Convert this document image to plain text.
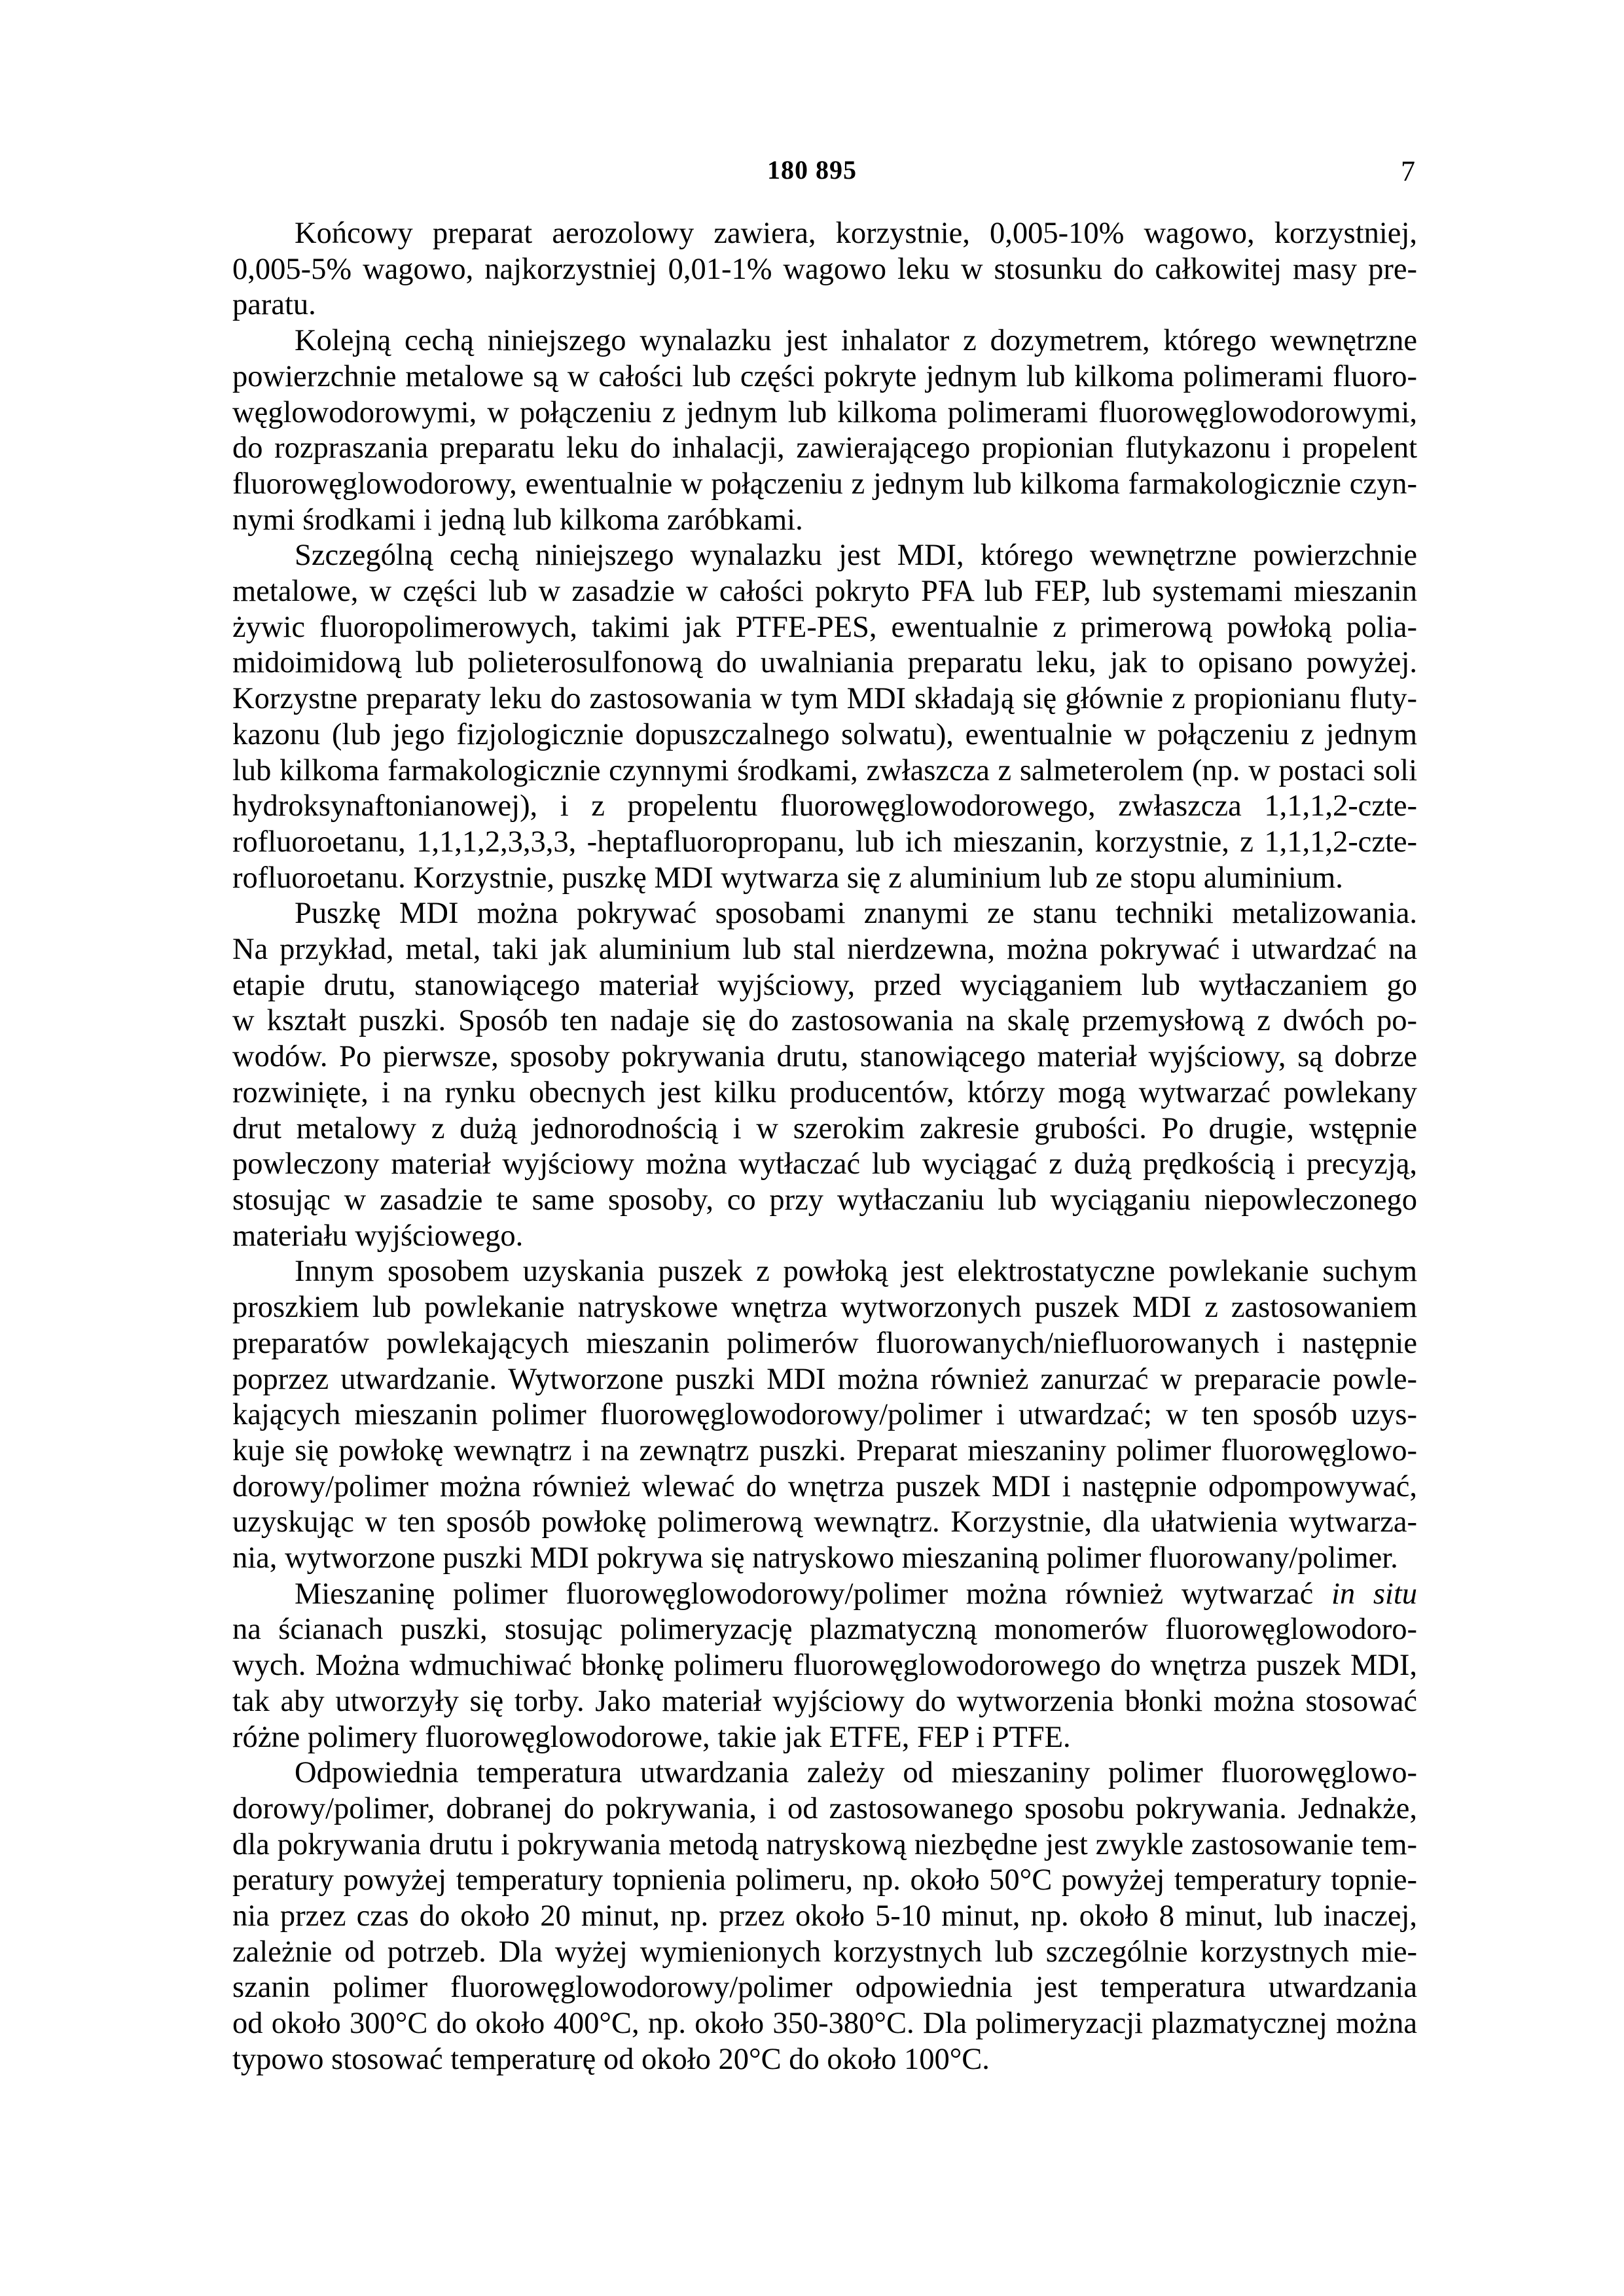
180 895	7

Końcowy preparat aerozolowy zawiera, korzystnie, 0,005-10% wagowo, korzystniej,
0,005-5% wagowo, najkorzystniej 0,01-1% wagowo leku w stosunku do całkowitej masy pre-
paratu.

Kolejną cechą niniejszego wynalazku jest inhalator z dozymetrem, którego wewnętrzne
powierzchnie metalowe są w całości lub części pokryte jednym lub kilkoma polimerami fluoro-
węglowodorowymi, w połączeniu z jednym lub kilkoma polimerami fluorowęglowodorowymi,
do rozpraszania preparatu leku do inhalacji, zawierającego propionian flutykazonu i propelent
fluorowęglowodorowy, ewentualnie w połączeniu z jednym lub kilkoma farmakologicznie czyn-
nymi środkami i jedną lub kilkoma zaróbkami.

Szczególną cechą niniejszego wynalazku jest MDI, którego wewnętrzne powierzchnie
metalowe, w części lub w zasadzie w całości pokryto PFA lub FEP, lub systemami mieszanin
żywic fluoropolimerowych, takimi jak PTFE-PES, ewentualnie z primerową powłoką polia-
midoimidową lub polieterosulfonową do uwalniania preparatu leku, jak to opisano powyżej.
Korzystne preparaty leku do zastosowania w tym MDI składają się głównie z propionianu fluty-
kazonu (lub jego fizjologicznie dopuszczalnego solwatu), ewentualnie w połączeniu z jednym
lub kilkoma farmakologicznie czynnymi środkami, zwłaszcza z salmeterolem (np. w postaci soli
hydroksynaftonianowej), i z propelentu fluorowęglowodorowego, zwłaszcza 1,1,1,2-czte-
rofluoroetanu, 1,1,1,2,3,3,3, -heptafluoropropanu, lub ich mieszanin, korzystnie, z 1,1,1,2-czte-
rofluoroetanu. Korzystnie, puszkę MDI wytwarza się z aluminium lub ze stopu aluminium.

Puszkę MDI można pokrywać sposobami znanymi ze stanu techniki metalizowania.
Na przykład, metal, taki jak aluminium lub stal nierdzewna, można pokrywać i utwardzać na
etapie drutu, stanowiącego materiał wyjściowy, przed wyciąganiem lub wytłaczaniem go
w kształt puszki. Sposób ten nadaje się do zastosowania na skalę przemysłową z dwóch po-
wodów. Po pierwsze, sposoby pokrywania drutu, stanowiącego materiał wyjściowy, są dobrze
rozwinięte, i na rynku obecnych jest kilku producentów, którzy mogą wytwarzać powlekany
drut metalowy z dużą jednorodnością i w szerokim zakresie grubości. Po drugie, wstępnie
powleczony materiał wyjściowy można wytłaczać lub wyciągać z dużą prędkością i precyzją,
stosując w zasadzie te same sposoby, co przy wytłaczaniu lub wyciąganiu niepowleczonego
materiału wyjściowego.

Innym sposobem uzyskania puszek z powłoką jest elektrostatyczne powlekanie suchym
proszkiem lub powlekanie natryskowe wnętrza wytworzonych puszek MDI z zastosowaniem
preparatów powlekających mieszanin polimerów fluorowanych/niefluorowanych i następnie
poprzez utwardzanie. Wytworzone puszki MDI można również zanurzać w preparacie powle-
kających mieszanin polimer fluorowęglowodorowy/polimer i utwardzać; w ten sposób uzys-
kuje się powłokę wewnątrz i na zewnątrz puszki. Preparat mieszaniny polimer fluorowęglowo-
dorowy/polimer można również wlewać do wnętrza puszek MDI i następnie odpompowywać,
uzyskując w ten sposób powłokę polimerową wewnątrz. Korzystnie, dla ułatwienia wytwarza-
nia, wytworzone puszki MDI pokrywa się natryskowo mieszaniną polimer fluorowany/polimer.

Mieszaninę polimer fluorowęglowodorowy/polimer można również wytwarzać in situ
na ścianach puszki, stosując polimeryzację plazmatyczną monomerów fluorowęglowodoro-
wych. Można wdmuchiwać błonkę polimeru fluorowęglowodorowego do wnętrza puszek MDI,
tak aby utworzyły się torby. Jako materiał wyjściowy do wytworzenia błonki można stosować
różne polimery fluorowęglowodorowe, takie jak ETFE, FEP i PTFE.

Odpowiednia temperatura utwardzania zależy od mieszaniny polimer fluorowęglowo-
dorowy/polimer, dobranej do pokrywania, i od zastosowanego sposobu pokrywania. Jednakże,
dla pokrywania drutu i pokrywania metodą natryskową niezbędne jest zwykle zastosowanie tem-
peratury powyżej temperatury topnienia polimeru, np. około 50°C powyżej temperatury topnie-
nia przez czas do około 20 minut, np. przez około 5-10 minut, np. około 8 minut, lub inaczej,
zależnie od potrzeb. Dla wyżej wymienionych korzystnych lub szczególnie korzystnych mie-
szanin polimer fluorowęglowodorowy/polimer odpowiednia jest temperatura utwardzania
od około 300°C do około 400°C, np. około 350-380°C. Dla polimeryzacji plazmatycznej można
typowo stosować temperaturę od około 20°C do około 100°C.
